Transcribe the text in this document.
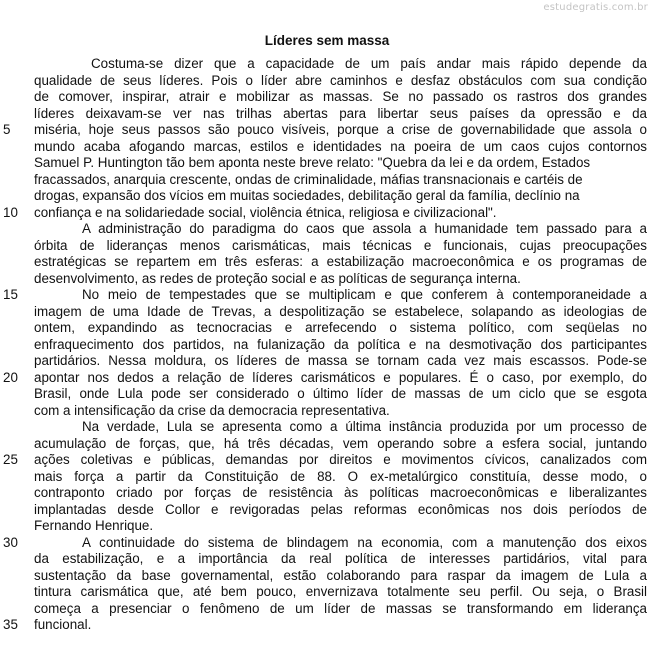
estudegratis.com.br
Líderes sem massa
5
10
15
20
25
30
35
Costuma-se dizer que a capacidade de um país andar mais rápido depende da
qualidade de seus líderes. Pois o líder abre caminhos e desfaz obstáculos com sua condição
de comover, inspirar, atrair e mobilizar as massas. Se no passado os rastros dos grandes
líderes deixavam-se ver nas trilhas abertas para libertar seus países da opressão e da
miséria, hoje seus passos são pouco visíveis, porque a crise de governabilidade que assola o
mundo acaba afogando marcas, estilos e identidades na poeira de um caos cujos contornos
Samuel P. Huntington tão bem aponta neste breve relato: "Quebra da lei e da ordem, Estados
fracassados, anarquia crescente, ondas de criminalidade, máfias transnacionais e cartéis de
drogas, expansão dos vícios em muitas sociedades, debilitação geral da família, declínio na
confiança e na solidariedade social, violência étnica, religiosa e civilizacional".
A administração do paradigma do caos que assola a humanidade tem passado para a
órbita de lideranças menos carismáticas, mais técnicas e funcionais, cujas preocupações
estratégicas se repartem em três esferas: a estabilização macroeconômica e os programas de
desenvolvimento, as redes de proteção social e as políticas de segurança interna.
No meio de tempestades que se multiplicam e que conferem à contemporaneidade a
imagem de uma Idade de Trevas, a despolitização se estabelece, solapando as ideologias de
ontem, expandindo as tecnocracias e arrefecendo o sistema político, com seqüelas no
enfraquecimento dos partidos, na fulanização da política e na desmotivação dos participantes
partidários. Nessa moldura, os líderes de massa se tornam cada vez mais escassos. Pode-se
apontar nos dedos a relação de líderes carismáticos e populares. É o caso, por exemplo, do
Brasil, onde Lula pode ser considerado o último líder de massas de um ciclo que se esgota
com a intensificação da crise da democracia representativa.
Na verdade, Lula se apresenta como a última instância produzida por um processo de
acumulação de forças, que, há três décadas, vem operando sobre a esfera social, juntando
ações coletivas e públicas, demandas por direitos e movimentos cívicos, canalizados com
mais força a partir da Constituição de 88. O ex-metalúrgico constituía, desse modo, o
contraponto criado por forças de resistência às políticas macroeconômicas e liberalizantes
implantadas desde Collor e revigoradas pelas reformas econômicas nos dois períodos de
Fernando Henrique.
A continuidade do sistema de blindagem na economia, com a manutenção dos eixos
da estabilização, e a importância da real política de interesses partidários, vital para
sustentação da base governamental, estão colaborando para raspar da imagem de Lula a
tintura carismática que, até bem pouco, envernizava totalmente seu perfil. Ou seja, o Brasil
começa a presenciar o fenômeno de um líder de massas se transformando em liderança
funcional.
